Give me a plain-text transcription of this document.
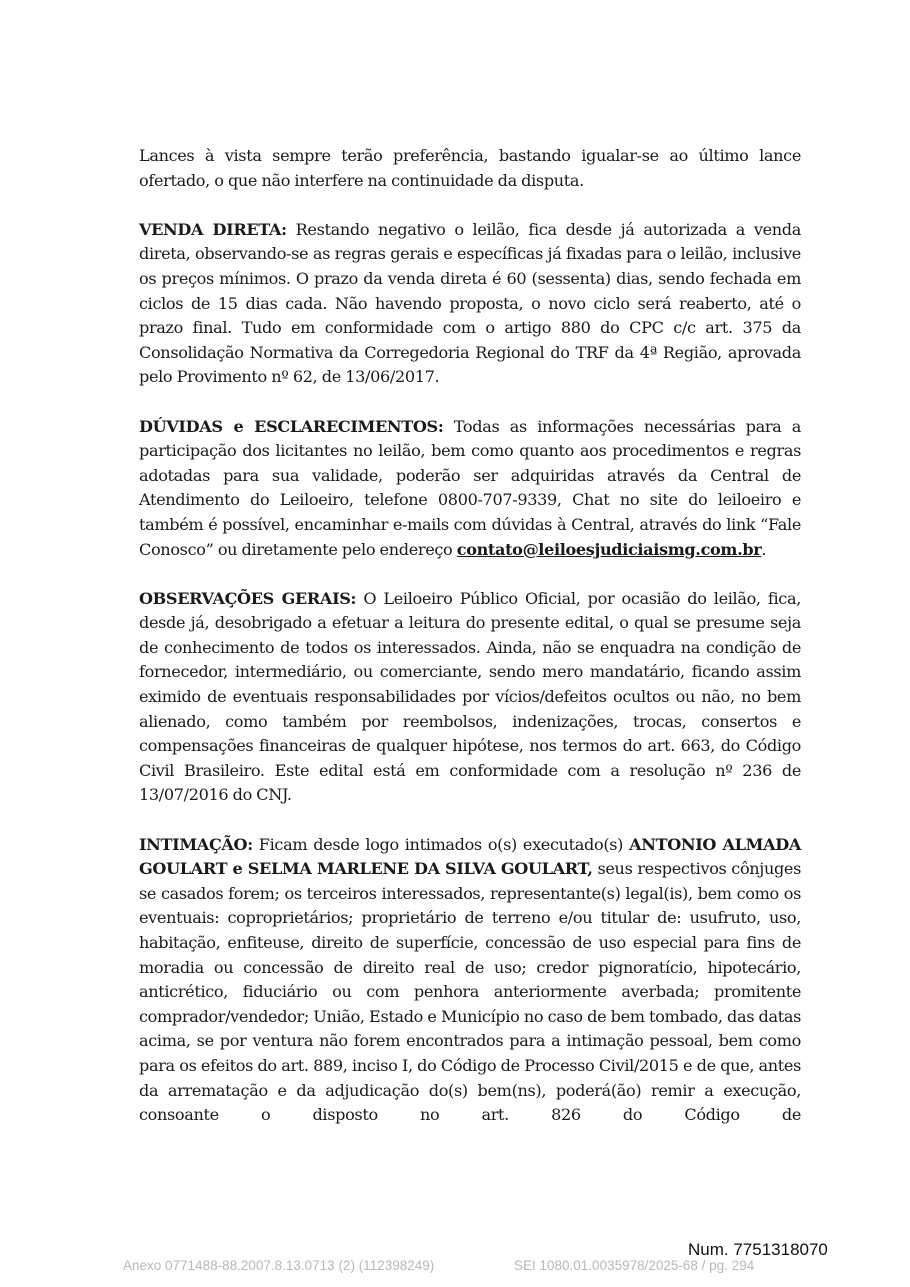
Lances à vista sempre terão preferência, bastando igualar-se ao último lance ofertado, o que não interfere na continuidade da disputa.

VENDA DIRETA: Restando negativo o leilão, fica desde já autorizada a venda direta, observando-se as regras gerais e específicas já fixadas para o leilão, inclusive os preços mínimos. O prazo da venda direta é 60 (sessenta) dias, sendo fechada em ciclos de 15 dias cada. Não havendo proposta, o novo ciclo será reaberto, até o prazo final. Tudo em conformidade com o artigo 880 do CPC c/c art. 375 da Consolidação Normativa da Corregedoria Regional do TRF da 4ª Região, aprovada pelo Provimento nº 62, de 13/06/2017.

DÚVIDAS e ESCLARECIMENTOS: Todas as informações necessárias para a participação dos licitantes no leilão, bem como quanto aos procedimentos e regras adotadas para sua validade, poderão ser adquiridas através da Central de Atendimento do Leiloeiro, telefone 0800-707-9339, Chat no site do leiloeiro e também é possível, encaminhar e-mails com dúvidas à Central, através do link “Fale Conosco” ou diretamente pelo endereço contato@leiloesjudiciaismg.com.br.

OBSERVAÇÕES GERAIS: O Leiloeiro Público Oficial, por ocasião do leilão, fica, desde já, desobrigado a efetuar a leitura do presente edital, o qual se presume seja de conhecimento de todos os interessados. Ainda, não se enquadra na condição de fornecedor, intermediário, ou comerciante, sendo mero mandatário, ficando assim eximido de eventuais responsabilidades por vícios/defeitos ocultos ou não, no bem alienado, como também por reembolsos, indenizações, trocas, consertos e compensações financeiras de qualquer hipótese, nos termos do art. 663, do Código Civil Brasileiro. Este edital está em conformidade com a resolução nº 236 de 13/07/2016 do CNJ.

INTIMAÇÃO: Ficam desde logo intimados o(s) executado(s) ANTONIO ALMADA GOULART e SELMA MARLENE DA SILVA GOULART, seus respectivos cônjuges se casados forem; os terceiros interessados, representante(s) legal(is), bem como os eventuais: coproprietários; proprietário de terreno e/ou titular de: usufruto, uso, habitação, enfiteuse, direito de superfície, concessão de uso especial para fins de moradia ou concessão de direito real de uso; credor pignoratício, hipotecário, anticrético, fiduciário ou com penhora anteriormente averbada; promitente comprador/vendedor; União, Estado e Município no caso de bem tombado, das datas acima, se por ventura não forem encontrados para a intimação pessoal, bem como para os efeitos do art. 889, inciso I, do Código de Processo Civil/2015 e de que, antes da arrematação e da adjudicação do(s) bem(ns), poderá(ão) remir a execução, consoante o disposto no art. 826 do Código de

Num. 7751318070
Anexo 0771488-88.2007.8.13.0713 (2) (112398249)	SEI 1080.01.0035978/2025-68 / pg. 294
